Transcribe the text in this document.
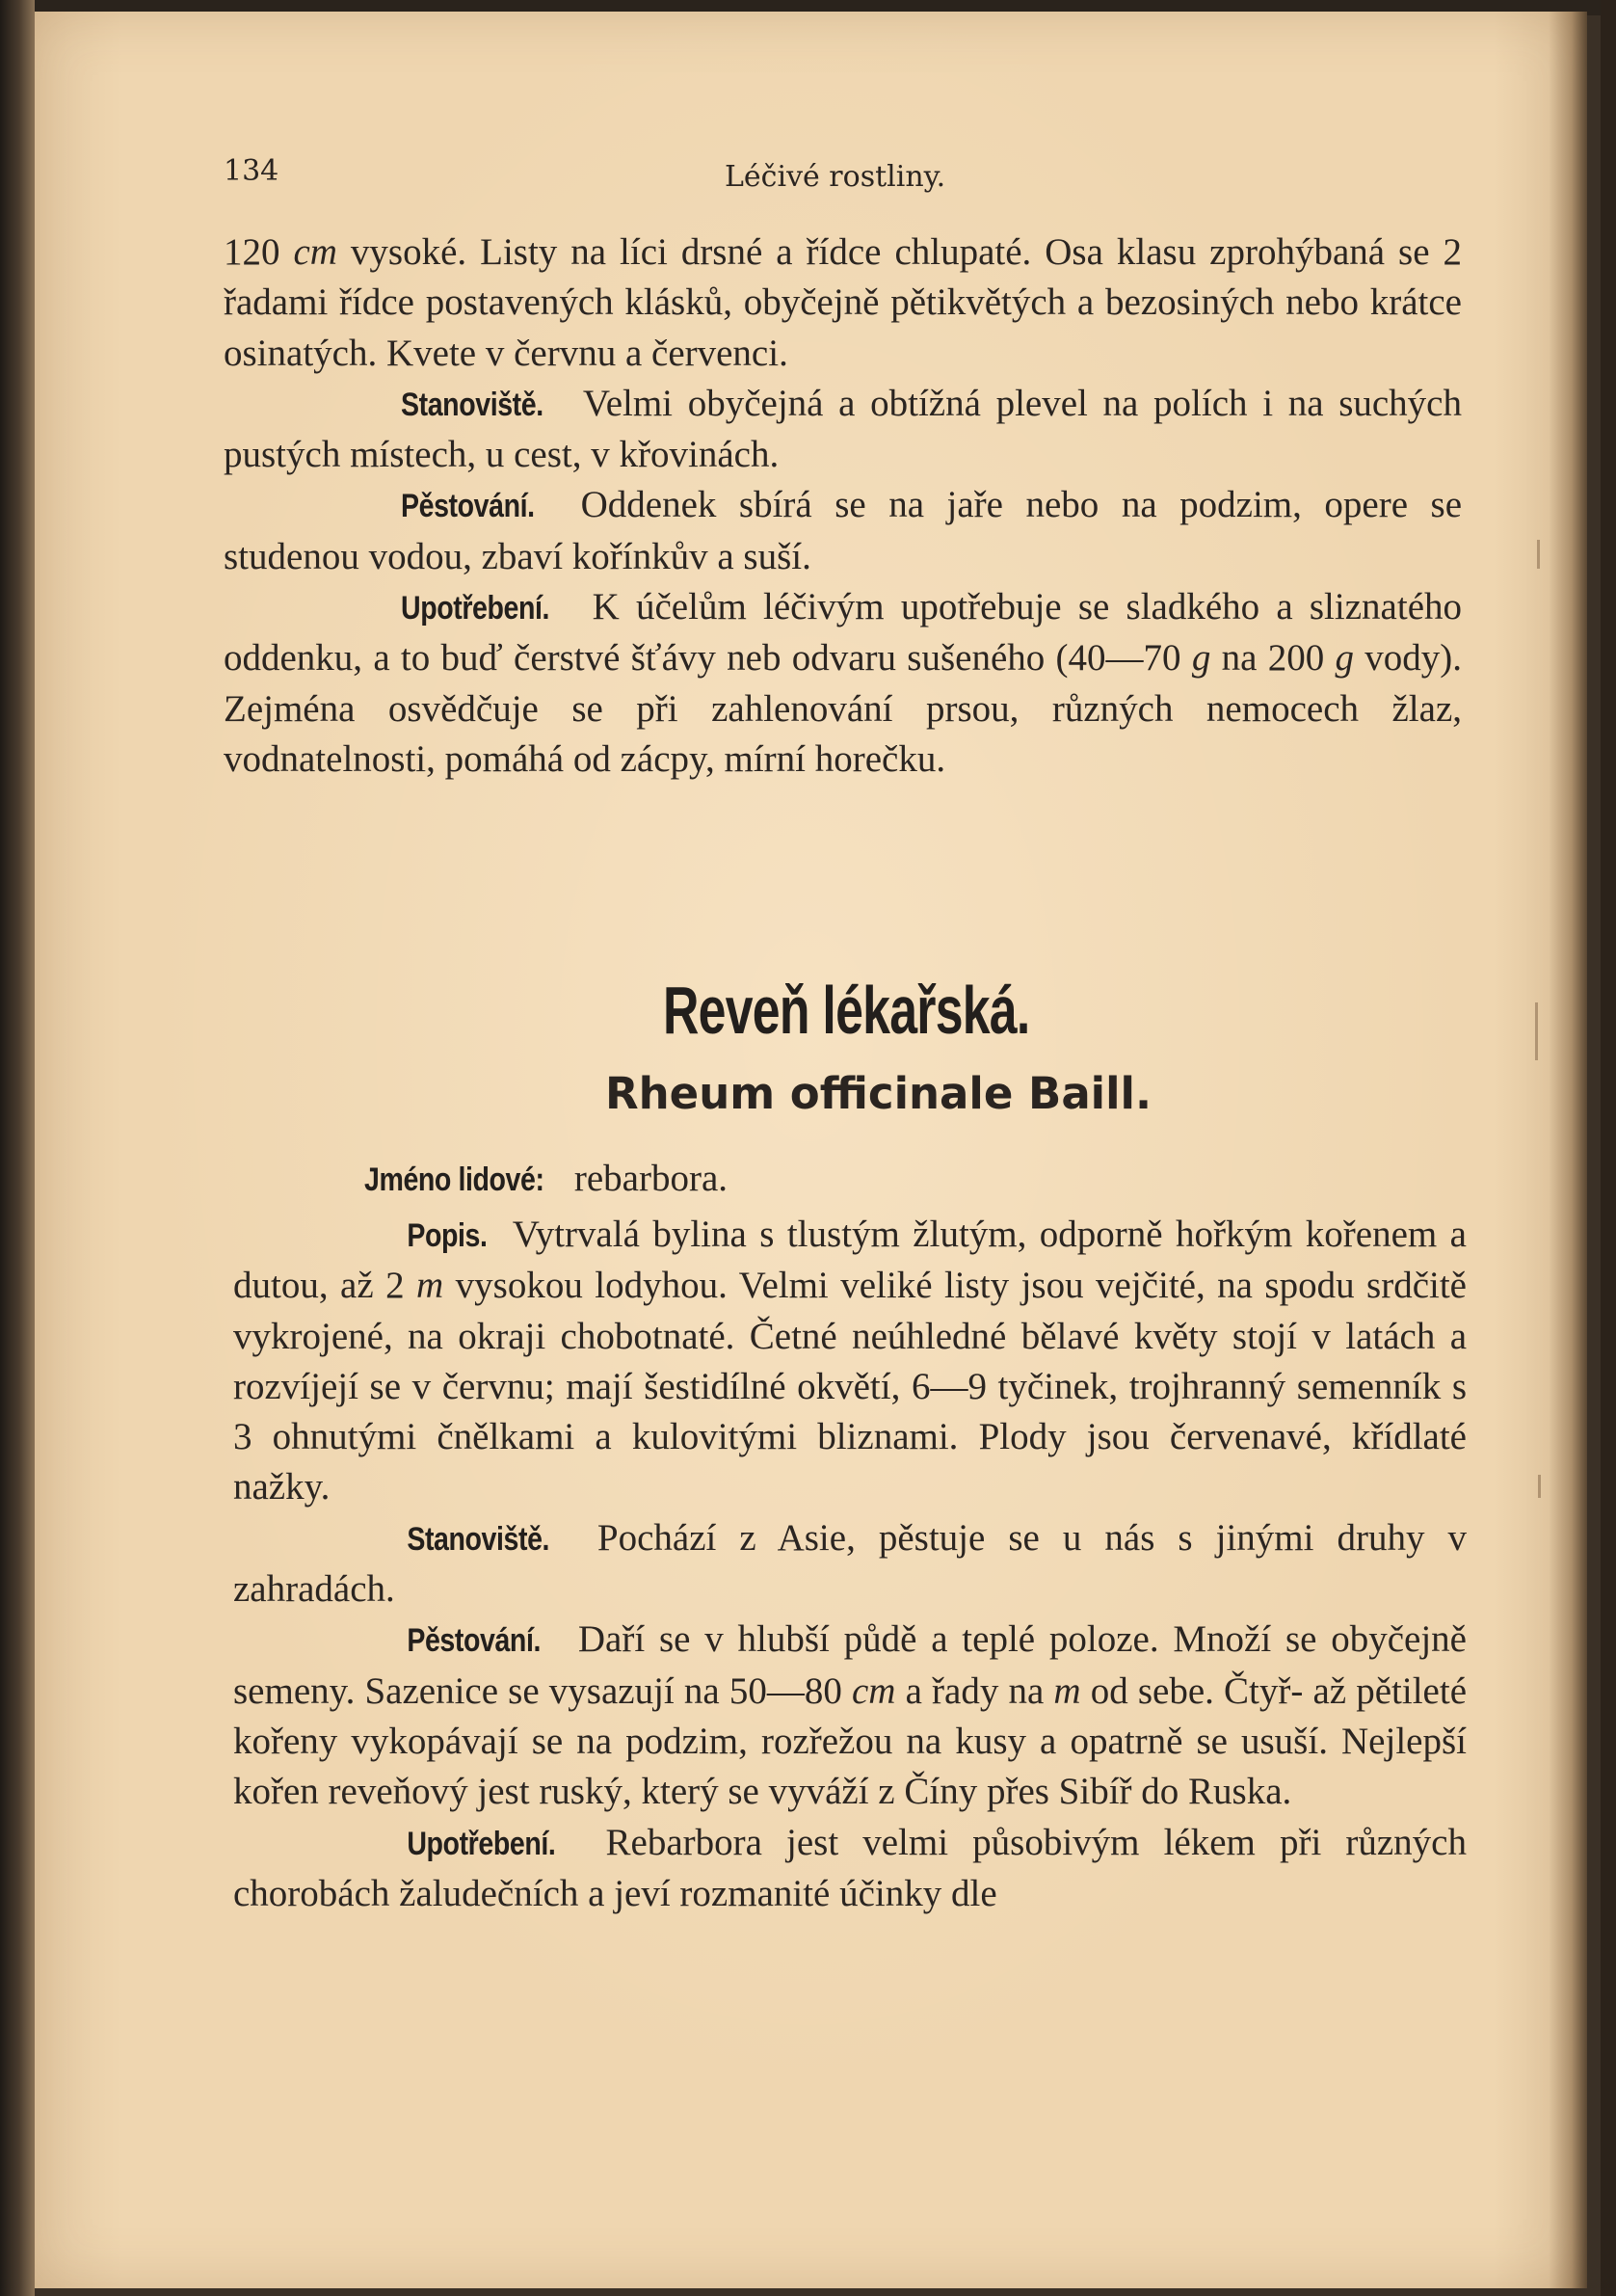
134	Léčivé rostliny.

120 cm vysoké. Listy na líci drsné a řídce chlupaté. Osa klasu zprohýbaná se 2 řadami řídce postavených klásků, obyčejně pětikvětých a bezosiných nebo krátce osinatých. Kvete v červnu a červenci.

Stanoviště. Velmi obyčejná a obtížná plevel na polích i na suchých pustých místech, u cest, v křovinách.

Pěstování. Oddenek sbírá se na jaře nebo na podzim, opere se studenou vodou, zbaví kořínkův a suší.

Upotřebení. K účelům léčivým upotřebuje se sladkého a sliznatého oddenku, a to buď čerstvé šťávy neb odvaru sušeného (40—70 g na 200 g vody). Zejména osvědčuje se při zahlenování prsou, různých nemocech žlaz, vodnatelnosti, pomáhá od zácpy, mírní horečku.

Reveň lékařská.
Rheum officinale Baill.

Jméno lidové: rebarbora.

Popis. Vytrvalá bylina s tlustým žlutým, odporně hořkým kořenem a dutou, až 2 m vysokou lodyhou. Velmi veliké listy jsou vejčité, na spodu srdčitě vykrojené, na okraji chobotnaté. Četné neúhledné bělavé květy stojí v latách a rozvíjejí se v červnu; mají šestidílné okvětí, 6—9 tyčinek, trojhranný semenník s 3 ohnutými čnělkami a kulovitými bliznami. Plody jsou červenavé, křídlaté nažky.

Stanoviště. Pochází z Asie, pěstuje se u nás s jinými druhy v zahradách.

Pěstování. Daří se v hlubší půdě a teplé poloze. Množí se obyčejně semeny. Sazenice se vysazují na 50—80 cm a řady na m od sebe. Čtyř- až pětileté kořeny vykopávají se na podzim, rozřežou na kusy a opatrně se usuší. Nejlepší kořen reveňový jest ruský, který se vyváží z Číny přes Sibíř do Ruska.

Upotřebení. Rebarbora jest velmi působivým lékem při různých chorobách žaludečních a jeví rozmanité účinky dle
